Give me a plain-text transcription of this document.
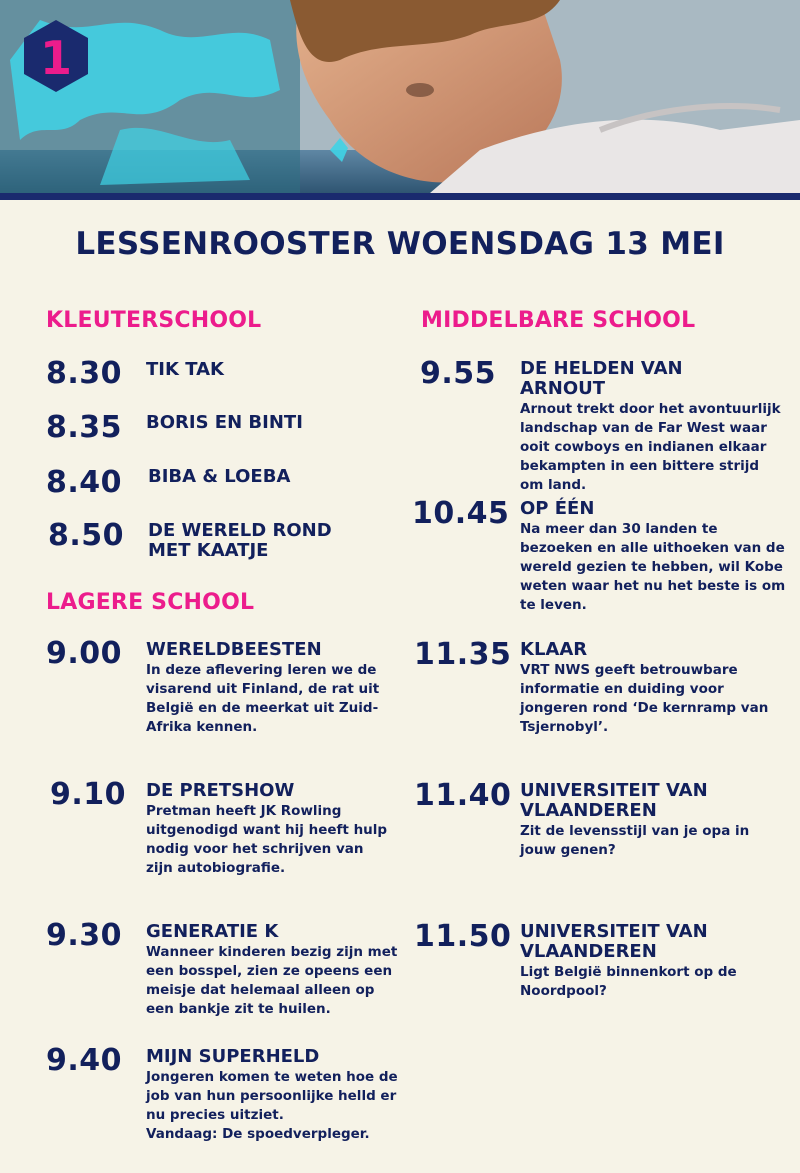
1
LESSENROOSTER WOENSDAG 13 MEI
KLEUTERSCHOOL
LAGERE SCHOOL
MIDDELBARE SCHOOL
8.30 TIK TAK
8.35 BORIS EN BINTI
8.40 BIBA & LOEBA
8.50 DE WERELD ROND
MET KAATJE
9.00 WERELDBEESTEN
In deze aflevering leren we de
visarend uit Finland, de rat uit
België en de meerkat uit Zuid-
Afrika kennen.
9.10 DE PRETSHOW
Pretman heeft JK Rowling
uitgenodigd want hij heeft hulp
nodig voor het schrijven van
zijn autobiografie.
9.30 GENERATIE K
Wanneer kinderen bezig zijn met
een bosspel, zien ze opeens een
meisje dat helemaal alleen op
een bankje zit te huilen.
9.40 MIJN SUPERHELD
Jongeren komen te weten hoe de
job van hun persoonlijke helld er
nu precies uitziet.
Vandaag: De spoedverpleger.
9.55 DE HELDEN VAN
ARNOUT
Arnout trekt door het avontuurlijk
landschap van de Far West waar
ooit cowboys en indianen elkaar
bekampten in een bittere strijd
om land.
10.45 OP ÉÉN
Na meer dan 30 landen te
bezoeken en alle uithoeken van de
wereld gezien te hebben, wil Kobe
weten waar het nu het beste is om
te leven.
11.35 KLAAR
VRT NWS geeft betrouwbare
informatie en duiding voor
jongeren rond ‘De kernramp van
Tsjernobyl’.
11.40 UNIVERSITEIT VAN
VLAANDEREN
Zit de levensstijl van je opa in
jouw genen?
11.50 UNIVERSITEIT VAN
VLAANDEREN
Ligt België binnenkort op de
Noordpool?
